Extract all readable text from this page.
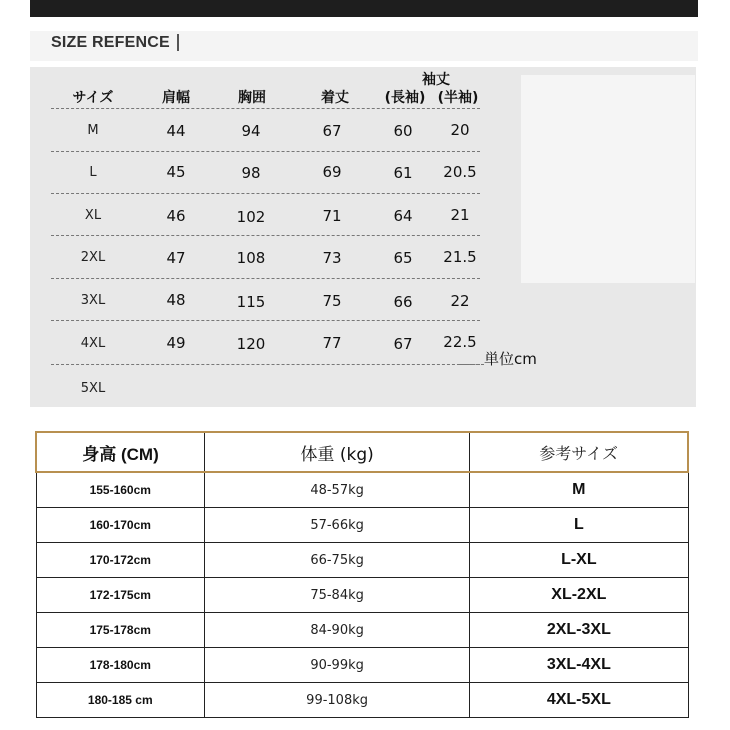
SIZE REFENCE
袖丈
サイズ	肩幅	胸囲	着丈	(長袖) (半袖)
M	44	94	67	60	20
L	45	98	69	61	20.5
XL	46	102	71	64	21
2XL	47	108	73	65	21.5
3XL	48	115	75	66	22
4XL	49	120	77	67	22.5
単位cm
5XL
身高 (CM)	体重 (kg)	参考サイズ
155-160cm	48-57kg	M
160-170cm	57-66kg	L
170-172cm	66-75kg	L-XL
172-175cm	75-84kg	XL-2XL
175-178cm	84-90kg	2XL-3XL
178-180cm	90-99kg	3XL-4XL
180-185 cm	99-108kg	4XL-5XL
